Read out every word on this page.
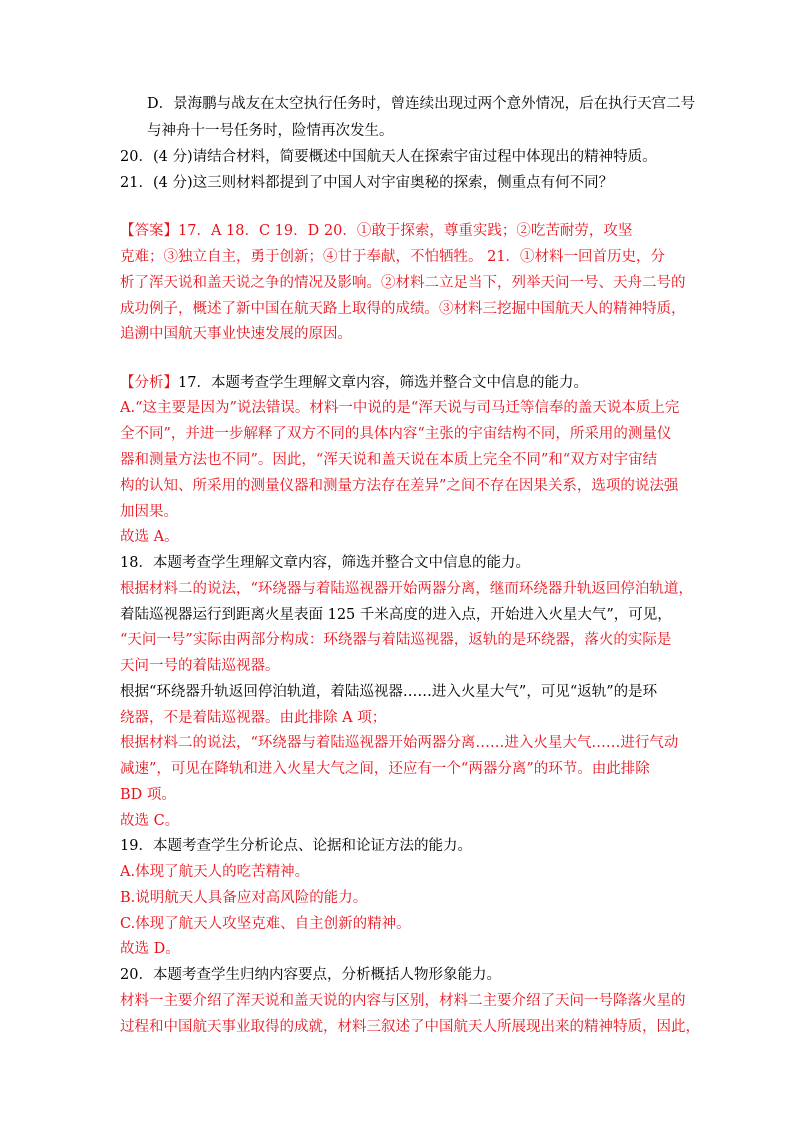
D．景海鹏与战友在太空执行任务时，曾连续出现过两个意外情况，后在执行天宫二号
与神舟十一号任务时，险情再次发生。
20．(4 分)请结合材料，简要概述中国航天人在探索宇宙过程中体现出的精神特质。
21．(4 分)这三则材料都提到了中国人对宇宙奥秘的探索，侧重点有何不同？
【答案】17．A 18．C 19．D 20．①敢于探索，尊重实践；②吃苦耐劳，攻坚
克难；③独立自主，勇于创新；④甘于奉献，不怕牺牲。 21．①材料一回首历史，分
析了浑天说和盖天说之争的情况及影响。②材料二立足当下，列举天问一号、天舟二号的
成功例子，概述了新中国在航天路上取得的成绩。③材料三挖掘中国航天人的精神特质，
追溯中国航天事业快速发展的原因。
【分析】17．本题考查学生理解文章内容，筛选并整合文中信息的能力。
A.“这主要是因为”说法错误。材料一中说的是“浑天说与司马迁等信奉的盖天说本质上完
全不同”，并进一步解释了双方不同的具体内容“主张的宇宙结构不同，所采用的测量仪
器和测量方法也不同”。因此，“浑天说和盖天说在本质上完全不同”和“双方对宇宙结
构的认知、所采用的测量仪器和测量方法存在差异”之间不存在因果关系，选项的说法强
加因果。
故选 A。
18．本题考查学生理解文章内容，筛选并整合文中信息的能力。
根据材料二的说法，“环绕器与着陆巡视器开始两器分离，继而环绕器升轨返回停泊轨道，
着陆巡视器运行到距离火星表面 125 千米高度的进入点，开始进入火星大气”，可见，
“天问一号”实际由两部分构成：环绕器与着陆巡视器，返轨的是环绕器，落火的实际是
天问一号的着陆巡视器。
根据“环绕器升轨返回停泊轨道，着陆巡视器……进入火星大气”，可见“返轨”的是环
绕器，不是着陆巡视器。由此排除 A 项；
根据材料二的说法，“环绕器与着陆巡视器开始两器分离……进入火星大气……进行气动
减速”，可见在降轨和进入火星大气之间，还应有一个“两器分离”的环节。由此排除
BD 项。
故选 C。
19．本题考查学生分析论点、论据和论证方法的能力。
A.体现了航天人的吃苦精神。
B.说明航天人具备应对高风险的能力。
C.体现了航天人攻坚克难、自主创新的精神。
故选 D。
20．本题考查学生归纳内容要点，分析概括人物形象能力。
材料一主要介绍了浑天说和盖天说的内容与区别，材料二主要介绍了天问一号降落火星的
过程和中国航天事业取得的成就，材料三叙述了中国航天人所展现出来的精神特质，因此，
